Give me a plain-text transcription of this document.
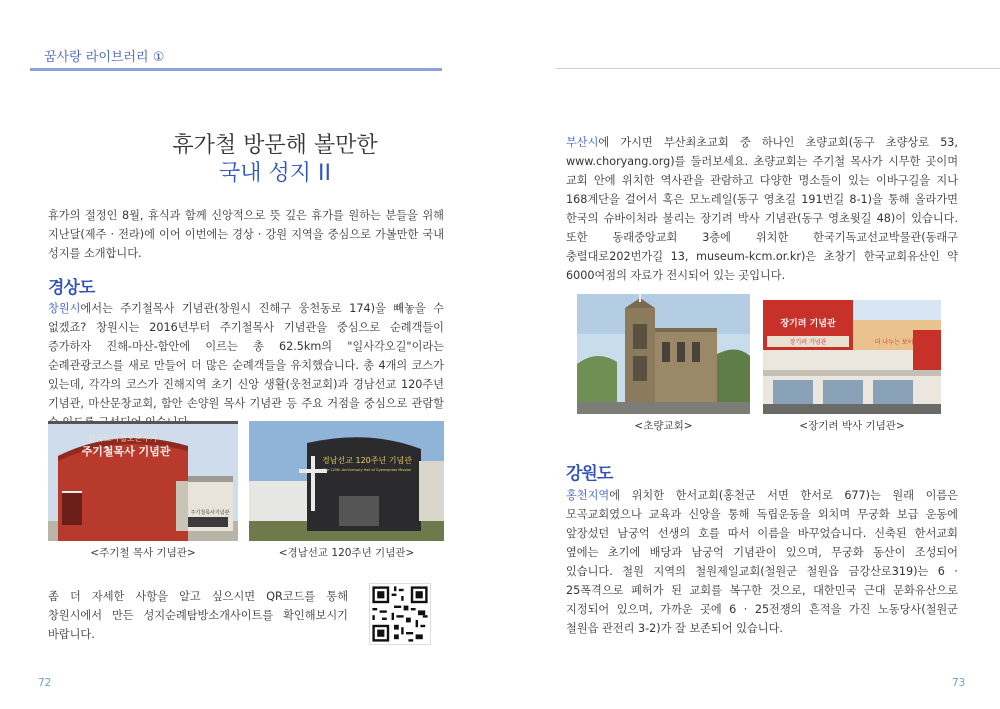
꿈사랑 라이브러리 ①
휴가철 방문해 볼만한
국내 성지 II
휴가의 절정인 8월, 휴식과 함께 신앙적으로 뜻 깊은 휴가를 원하는 분들을 위해 지난달(제주 · 전라)에 이어 이번에는 경상 · 강원 지역을 중심으로 가볼만한 국내 성지를 소개합니다.
경상도
창원시에서는 주기철목사 기념관(창원시 진해구 웅천동로 174)을 빼놓을 수 없겠죠? 창원시는 2016년부터 주기철목사 기념관을 중심으로 순례객들이 증가하자 진해-마산-함안에 이르는 총 62.5km의 "일사각오길"이라는 순례관광코스를 새로 만들어 더 많은 순례객들을 유치했습니다. 총 4개의 코스가 있는데, 각각의 코스가 진해지역 초기 신앙 생활(웅천교회)과 경남선교 120주년 기념관, 마산문창교회, 함안 손양원 목사 기념관 등 주요 거점을 중심으로 관람할
한국도시철도본부가
주기철목사 기념관
주기철목사기념관
<주기철 목사 기념관>
경남선교 120주년 기념관
The 120th Anniversary Hall of Gyeongnam Mission
<경남선교 120주년 기념관>
좀 더 자세한 사항을 알고 싶으시면 QR코드를 통해 창원시에서 만든 성지순례탐방소개사이트를 확인해보시기 바랍니다.
부산시에 가시면 부산최초교회 중 하나인 초량교회(동구 초량상로 53, www.choryang.org)를 둘러보세요. 초량교회는 주기철 목사가 시무한 곳이며 교회 안에 위치한 역사관을 관람하고 다양한 명소들이 있는 이바구길을 지나 168계단을 걸어서 혹은 모노레일(동구 영초길 191번길 8-1)을 통해 올라가면 한국의 슈바이처라 불리는 장기려 박사 기념관(동구 영초윗길 48)이 있습니다. 또한 동래중앙교회 3층에 위치한 한국기독교선교박물관(동래구 충렬대로202번가길 13, museum-kcm.or.kr)은 초창기 한국교회유산인 약 6000여점의 자료가 전시되어 있는 곳입니다.
<초량교회>
장기려 기념관
더 나누는 보이소
장기려 기념관
<장기려 박사 기념관>
강원도
홍천지역에 위치한 한서교회(홍천군 서면 한서로 677)는 원래 이름은 모곡교회였으나 교육과 신앙을 통해 독립운동을 외치며 무궁화 보급 운동에 앞장섰던 남궁억 선생의 호를 따서 이름을 바꾸었습니다. 신축된 한서교회 옆에는 초기에 배당과 남궁억 기념관이 있으며, 무궁화 동산이 조성되어 있습니다. 철원 지역의 철원제일교회(철원군 철원읍 금강산로319)는 6 · 25폭격으로 폐허가 된 교회를 복구한 것으로, 대한민국 근대 문화유산으로 지정되어 있으며, 가까운 곳에 6 · 25전쟁의 흔적을 가진 노동당사(철원군 철원읍 관전리 3-2)가 잘 보존되어 있습니다.
72	73
